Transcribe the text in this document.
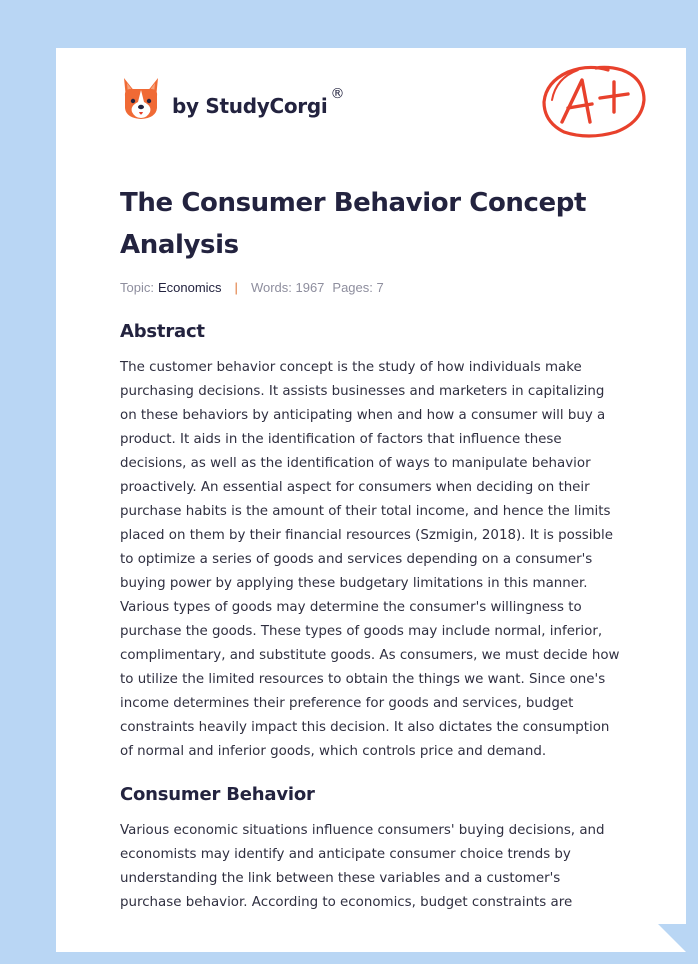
by StudyCorgi ®
The Consumer Behavior Concept Analysis
Topic: Economics | Words: 1967 Pages: 7
Abstract

The customer behavior concept is the study of how individuals make purchasing decisions. It assists businesses and marketers in capitalizing on these behaviors by anticipating when and how a consumer will buy a product. It aids in the identification of factors that influence these decisions, as well as the identification of ways to manipulate behavior proactively. An essential aspect for consumers when deciding on their purchase habits is the amount of their total income, and hence the limits placed on them by their financial resources (Szmigin, 2018). It is possible to optimize a series of goods and services depending on a consumer's buying power by applying these budgetary limitations in this manner. Various types of goods may determine the consumer's willingness to purchase the goods. These types of goods may include normal, inferior, complimentary, and substitute goods. As consumers, we must decide how to utilize the limited resources to obtain the things we want. Since one's income determines their preference for goods and services, budget constraints heavily impact this decision. It also dictates the consumption of normal and inferior goods, which controls price and demand.

Consumer Behavior

Various economic situations influence consumers' buying decisions, and economists may identify and anticipate consumer choice trends by understanding the link between these variables and a customer's purchase behavior. According to economics, budget constraints are
